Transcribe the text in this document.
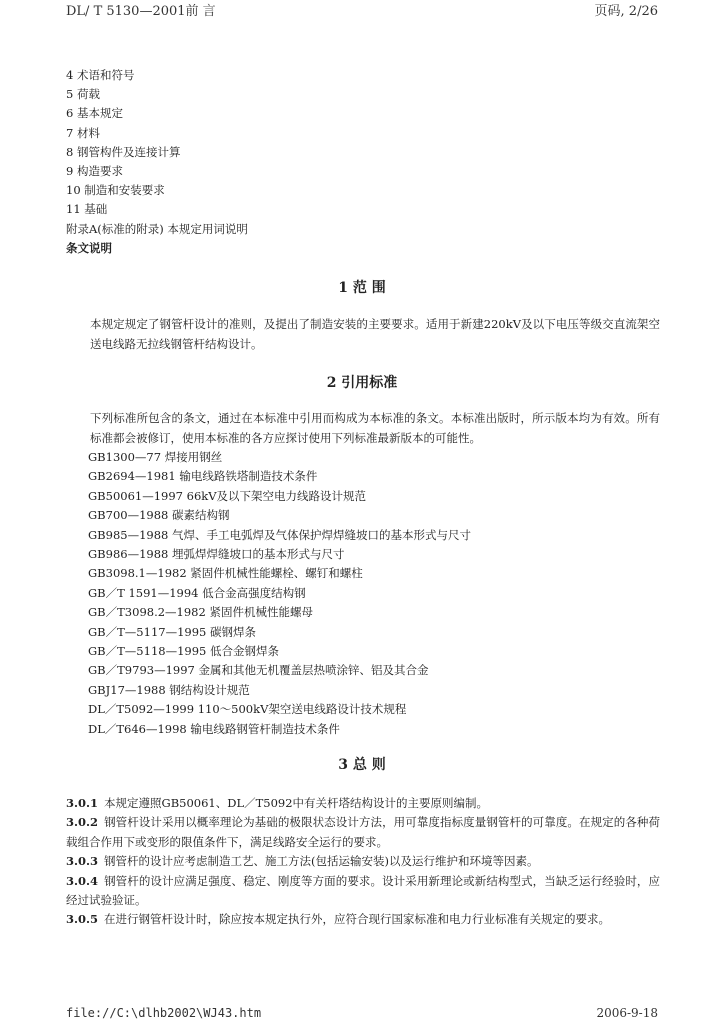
DL/ T 5130—2001前 言	页码, 2/26
4 术语和符号
5 荷载
6 基本规定
7 材料
8 钢管构件及连接计算
9 构造要求
10 制造和安装要求
11 基础
附录A(标准的附录) 本规定用词说明
条文说明
1 范 围
本规定规定了钢管杆设计的准则，及提出了制造安装的主要要求。适用于新建220kV及以下电压等级交直流架空送电线路无拉线钢管杆结构设计。
2 引用标准
下列标准所包含的条文，通过在本标准中引用而构成为本标准的条文。本标准出版时，所示版本均为有效。所有标准都会被修订，使用本标准的各方应探讨使用下列标准最新版本的可能性。
GB1300—77 焊接用钢丝
GB2694—1981 输电线路铁塔制造技术条件
GB50061—1997 66kV及以下架空电力线路设计规范
GB700—1988 碳素结构钢
GB985—1988 气焊、手工电弧焊及气体保护焊焊缝坡口的基本形式与尺寸
GB986—1988 埋弧焊焊缝坡口的基本形式与尺寸
GB3098.1—1982 紧固件机械性能螺栓、螺钉和螺柱
GB／T 1591—1994 低合金高强度结构钢
GB／T3098.2—1982 紧固件机械性能螺母
GB／T—5117—1995 碳钢焊条
GB／T—5118—1995 低合金钢焊条
GB／T9793—1997 金属和其他无机覆盖层热喷涂锌、铝及其合金
GBJ17—1988 钢结构设计规范
DL／T5092—1999 110～500kV架空送电线路设计技术规程
DL／T646—1998 输电线路钢管杆制造技术条件
3 总 则
3.0.1 本规定遵照GB50061、DL／T5092中有关杆塔结构设计的主要原则编制。
3.0.2 钢管杆设计采用以概率理论为基础的极限状态设计方法，用可靠度指标度量钢管杆的可靠度。在规定的各种荷载组合作用下或变形的限值条件下，满足线路安全运行的要求。
3.0.3 钢管杆的设计应考虑制造工艺、施工方法(包括运输安装)以及运行维护和环境等因素。
3.0.4 钢管杆的设计应满足强度、稳定、刚度等方面的要求。设计采用新理论或新结构型式，当缺乏运行经验时，应经过试验验证。
3.0.5 在进行钢管杆设计时，除应按本规定执行外，应符合现行国家标准和电力行业标准有关规定的要求。
file://C:\dlhb2002\WJ43.htm	2006-9-18
